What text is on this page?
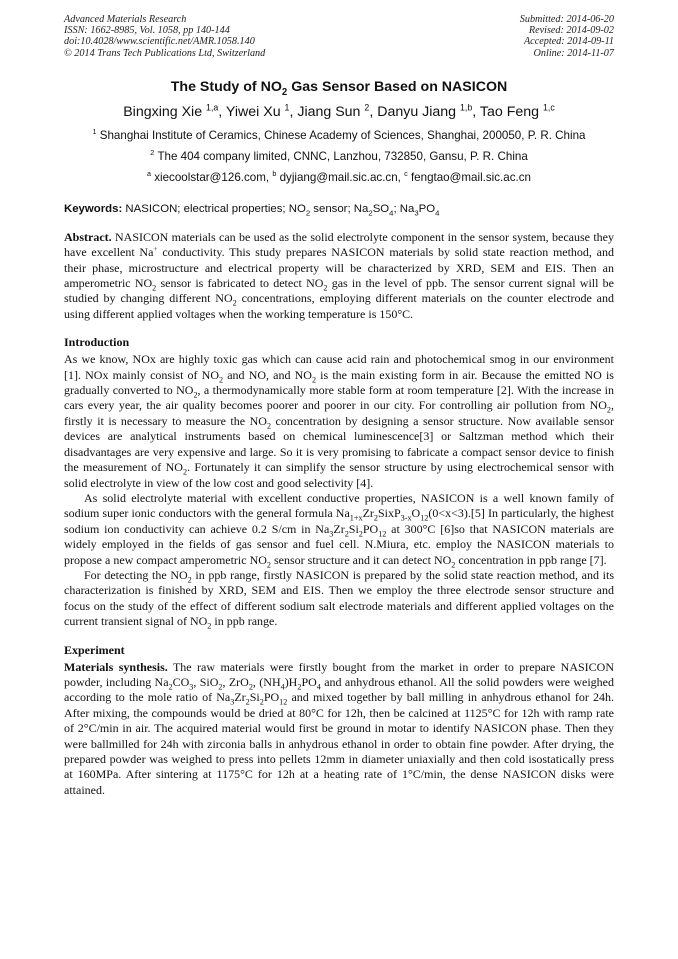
Advanced Materials Research
ISSN: 1662-8985, Vol. 1058, pp 140-144
doi:10.4028/www.scientific.net/AMR.1058.140
© 2014 Trans Tech Publications Ltd, Switzerland
Submitted: 2014-06-20
Revised: 2014-09-02
Accepted: 2014-09-11
Online: 2014-11-07
The Study of $NO_2$ Gas Sensor Based on NASICON
Bingxing Xie $^{1,a}$, Yiwei Xu $^1$, Jiang Sun $^2$, Danyu Jiang $^{1,b}$, Tao Feng $^{1,c}$
$^1$ Shanghai Institute of Ceramics, Chinese Academy of Sciences, Shanghai, 200050, P. R. China
$^2$ The 404 company limited, CNNC, Lanzhou, 732850, Gansu, P. R. China
$^a$ xiecoolstar@126.com, $^b$ dyjiang@mail.sic.ac.cn, $^c$ fengtao@mail.sic.ac.cn
Keywords: NASICON; electrical properties; $NO_2$ sensor; $Na_2SO_4$; $Na_3PO_4$

Abstract. NASICON materials can be used as the solid electrolyte component in the sensor system, because they have excellent Na+ conductivity. This study prepares NASICON materials by solid state reaction method, and their phase, microstructure and electrical property will be characterized by XRD, SEM and EIS. Then an amperometric $NO_2$ sensor is fabricated to detect $NO_2$ gas in the level of ppb. The sensor current signal will be studied by changing different $NO_2$ concentrations, employing different materials on the counter electrode and using different applied voltages when the working temperature is 150°C.

Introduction

As we know, NOx are highly toxic gas which can cause acid rain and photochemical smog in our environment [1]. NOx mainly consist of $NO_2$ and NO, and $NO_2$ is the main existing form in air. Because the emitted NO is gradually converted to $NO_2$, a thermodynamically more stable form at room temperature [2]. With the increase in cars every year, the air quality becomes poorer and poorer in our city. For controlling air pollution from $NO_2$, firstly it is necessary to measure the $NO_2$ concentration by designing a sensor structure. Now available sensor devices are analytical instruments based on chemical luminescence[3] or Saltzman method which their disadvantages are very expensive and large. So it is very promising to fabricate a compact sensor device to finish the measurement of $NO_2$. Fortunately it can simplify the sensor structure by using electrochemical sensor with solid electrolyte in view of the low cost and good selectivity [4].

As solid electrolyte material with excellent conductive properties, NASICON is a well known family of sodium super ionic conductors with the general formula $Na_{1+x}Zr_2SixP_{3-x}O_{12}(0<x<3).[5]$ In particularly, the highest sodium ion conductivity can achieve 0.2 S/cm in $Na_3Zr_2Si_2PO_{12}$ at 300°C [6]so that NASICON materials are widely employed in the fields of gas sensor and fuel cell. N.Miura, etc. employ the NASICON materials to propose a new compact amperometric $NO_2$ sensor structure and it can detect $NO_2$ concentration in ppb range [7].

For detecting the $NO_2$ in ppb range, firstly NASICON is prepared by the solid state reaction method, and its characterization is finished by XRD, SEM and EIS. Then we employ the three electrode sensor structure and focus on the study of the effect of different sodium salt electrode materials and different applied voltages on the current transient signal of $NO_2$ in ppb range.

Experiment

Materials synthesis. The raw materials were firstly bought from the market in order to prepare NASICON powder, including $Na_2CO_3$, SiO$_2$, ZrO$_2$, $(NH_4)H_2PO_4$ and anhydrous ethanol. All the solid powders were weighed according to the mole ratio of $Na_3Zr_2Si_2PO_{12}$ and mixed together by ball milling in anhydrous ethanol for 24h. After mixing, the compounds would be dried at 80°C for 12h, then be calcined at 1125°C for 12h with ramp rate of 2°C/min in air. The acquired material would first be ground in motar to identify NASICON phase. Then they were ballmilled for 24h with zirconia balls in anhydrous ethanol in order to obtain fine powder. After drying, the prepared powder was weighed to press into pellets 12mm in diameter uniaxially and then cold isostatically press at 160MPa. After sintering at 1175°C for 12h at a heating rate of 1°C/min, the dense NASICON disks were attained.
